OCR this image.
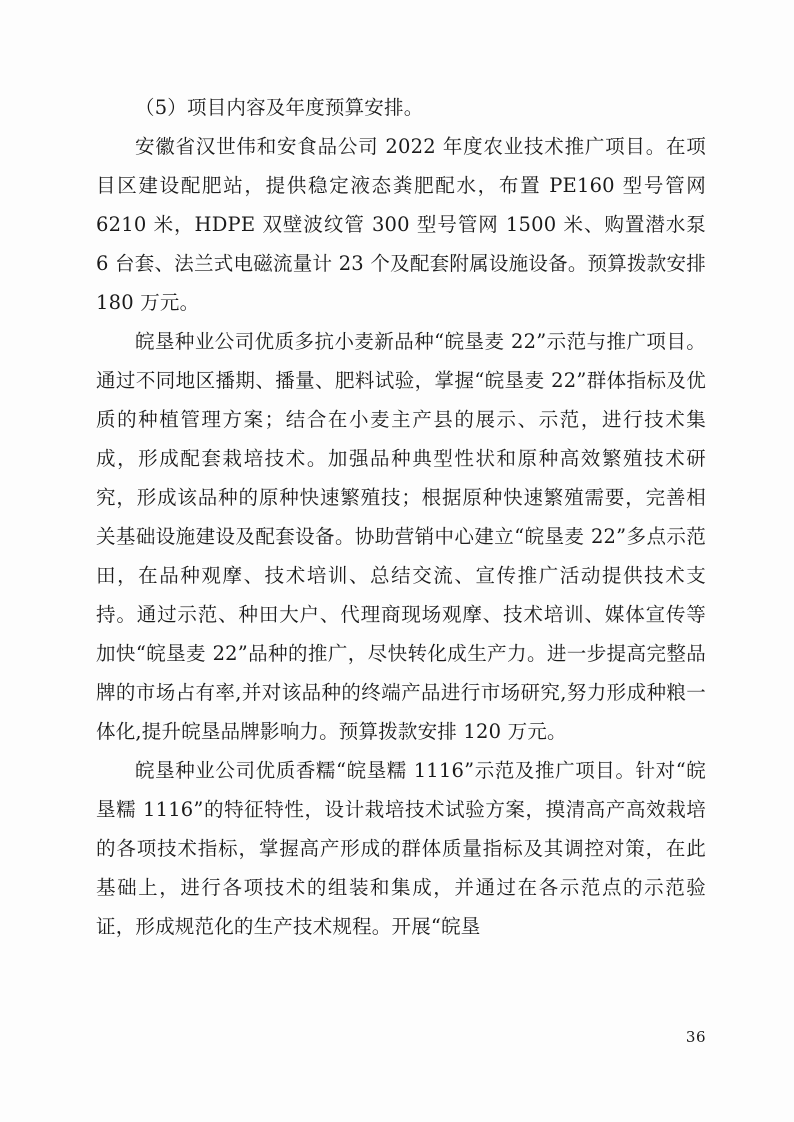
（5）项目内容及年度预算安排。

安徽省汉世伟和安食品公司 2022 年度农业技术推广项目。在项目区建设配肥站，提供稳定液态粪肥配水，布置 PE160 型号管网 6210 米，HDPE 双壁波纹管 300 型号管网 1500 米、购置潜水泵 6 台套、法兰式电磁流量计 23 个及配套附属设施设备。预算拨款安排 180 万元。

皖垦种业公司优质多抗小麦新品种“皖垦麦 22”示范与推广项目。通过不同地区播期、播量、肥料试验，掌握“皖垦麦 22”群体指标及优质的种植管理方案；结合在小麦主产县的展示、示范，进行技术集成，形成配套栽培技术。加强品种典型性状和原种高效繁殖技术研究，形成该品种的原种快速繁殖技；根据原种快速繁殖需要，完善相关基础设施建设及配套设备。协助营销中心建立“皖垦麦 22”多点示范田，在品种观摩、技术培训、总结交流、宣传推广活动提供技术支持。通过示范、种田大户、代理商现场观摩、技术培训、媒体宣传等加快“皖垦麦 22”品种的推广，尽快转化成生产力。进一步提高完整品牌的市场占有率,并对该品种的终端产品进行市场研究,努力形成种粮一体化,提升皖垦品牌影响力。预算拨款安排 120 万元。

皖垦种业公司优质香糯“皖垦糯 1116”示范及推广项目。针对“皖垦糯 1116”的特征特性，设计栽培技术试验方案，摸清高产高效栽培的各项技术指标，掌握高产形成的群体质量指标及其调控对策，在此基础上，进行各项技术的组装和集成，并通过在各示范点的示范验证，形成规范化的生产技术规程。开展“皖垦

36
